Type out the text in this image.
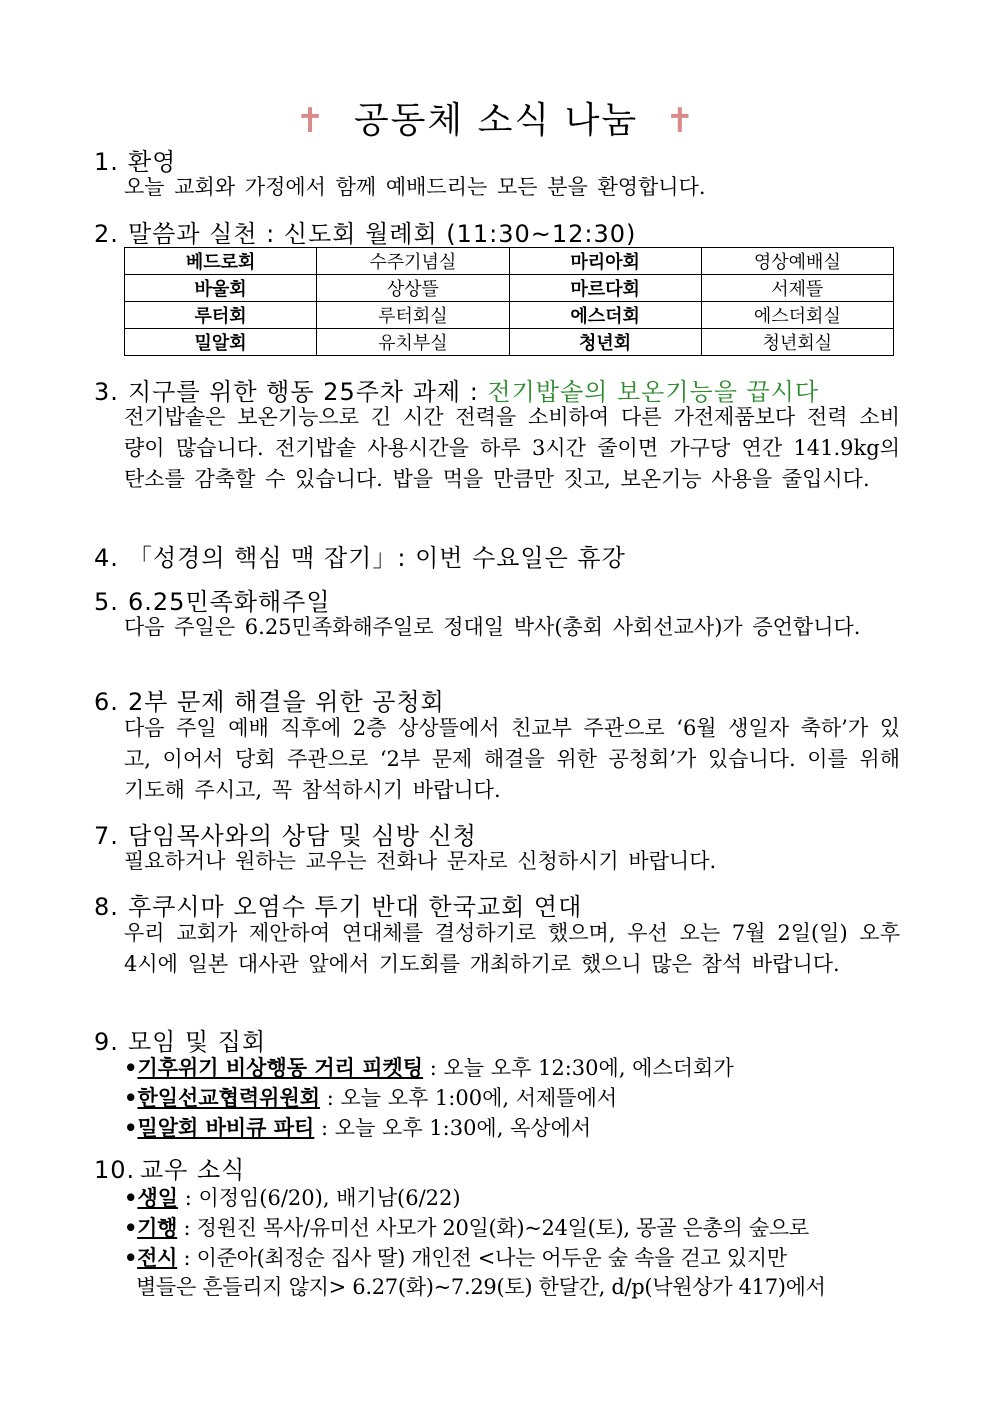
✝ 공동체 소식 나눔 ✝
1. 환영
오늘 교회와 가정에서 함께 예배드리는 모든 분을 환영합니다.
2. 말씀과 실천 : 신도회 월례회 (11:30~12:30)
베드로회	수주기념실	마리아회	영상예배실
바울회	상상뜰	마르다회	서제뜰
루터회	루터회실	에스더회	에스더회실
밀알회	유치부실	청년회	청년회실
3. 지구를 위한 행동 25주차 과제 : 전기밥솥의 보온기능을 끕시다
전기밥솥은 보온기능으로 긴 시간 전력을 소비하여 다른 가전제품보다 전력 소비량이 많습니다. 전기밥솥 사용시간을 하루 3시간 줄이면 가구당 연간 141.9kg의 탄소를 감축할 수 있습니다. 밥을 먹을 만큼만 짓고, 보온기능 사용을 줄입시다.
4. 「성경의 핵심 맥 잡기」: 이번 수요일은 휴강
5. 6.25민족화해주일
다음 주일은 6.25민족화해주일로 정대일 박사(총회 사회선교사)가 증언합니다.
6. 2부 문제 해결을 위한 공청회
다음 주일 예배 직후에 2층 상상뜰에서 친교부 주관으로 ‘6월 생일자 축하’가 있고, 이어서 당회 주관으로 ‘2부 문제 해결을 위한 공청회’가 있습니다. 이를 위해 기도해 주시고, 꼭 참석하시기 바랍니다.
7. 담임목사와의 상담 및 심방 신청
필요하거나 원하는 교우는 전화나 문자로 신청하시기 바랍니다.
8. 후쿠시마 오염수 투기 반대 한국교회 연대
우리 교회가 제안하여 연대체를 결성하기로 했으며, 우선 오는 7월 2일(일) 오후 4시에 일본 대사관 앞에서 기도회를 개최하기로 했으니 많은 참석 바랍니다.
9. 모임 및 집회
•기후위기 비상행동 거리 피켓팅 : 오늘 오후 12:30에, 에스더회가
•한일선교협력위원회 : 오늘 오후 1:00에, 서제뜰에서
•밀알회 바비큐 파티 : 오늘 오후 1:30에, 옥상에서
10. 교우 소식
•생일 : 이정임(6/20), 배기남(6/22)
•기행 : 정원진 목사/유미선 사모가 20일(화)~24일(토), 몽골 은총의 숲으로
•전시 : 이준아(최정순 집사 딸) 개인전 <나는 어두운 숲 속을 걷고 있지만
별들은 흔들리지 않지> 6.27(화)~7.29(토) 한달간, d/p(낙원상가 417)에서
